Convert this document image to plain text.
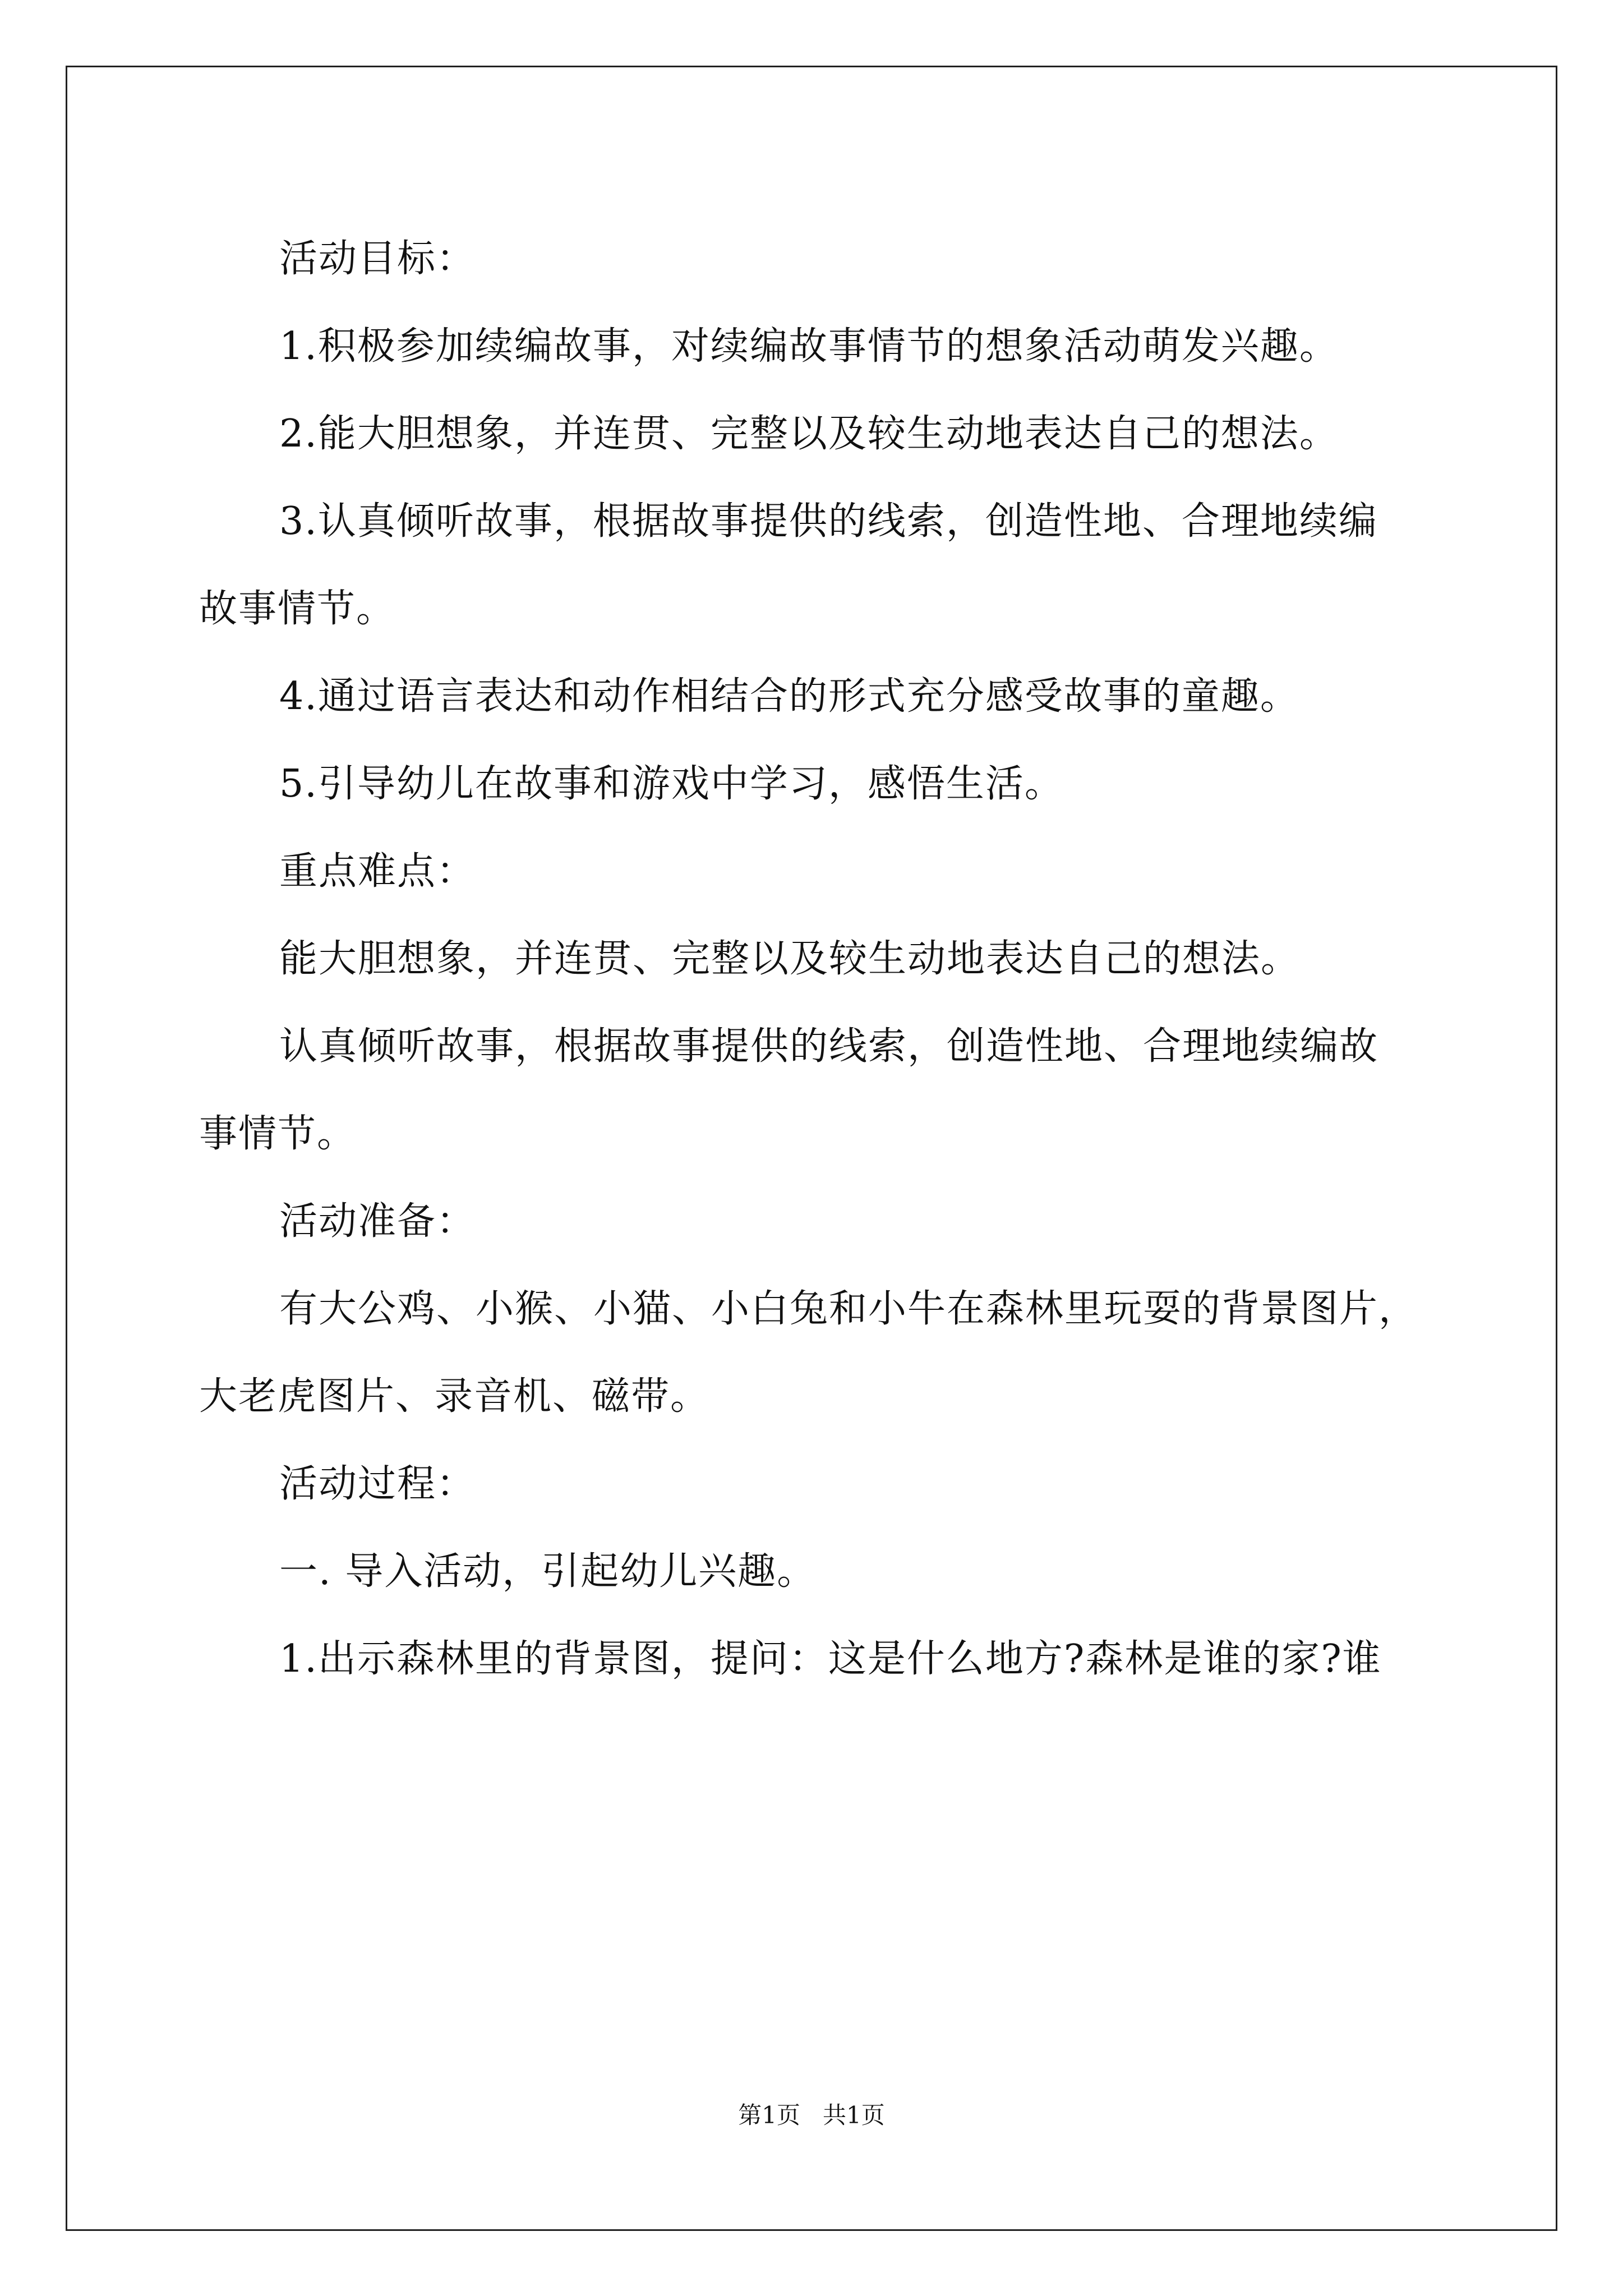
活动目标：

1.积极参加续编故事，对续编故事情节的想象活动萌发兴趣。

2.能大胆想象，并连贯、完整以及较生动地表达自己的想法。

3.认真倾听故事，根据故事提供的线索，创造性地、合理地续编

故事情节。

4.通过语言表达和动作相结合的形式充分感受故事的童趣。

5.引导幼儿在故事和游戏中学习，感悟生活。

重点难点：

能大胆想象，并连贯、完整以及较生动地表达自己的想法。

认真倾听故事，根据故事提供的线索，创造性地、合理地续编故

事情节。

活动准备：

有大公鸡、小猴、小猫、小白兔和小牛在森林里玩耍的背景图片，

大老虎图片、录音机、磁带。

活动过程：

一. 导入活动，引起幼儿兴趣。

1.出示森林里的背景图，提问：这是什么地方?森林是谁的家?谁

第1页   共1页
